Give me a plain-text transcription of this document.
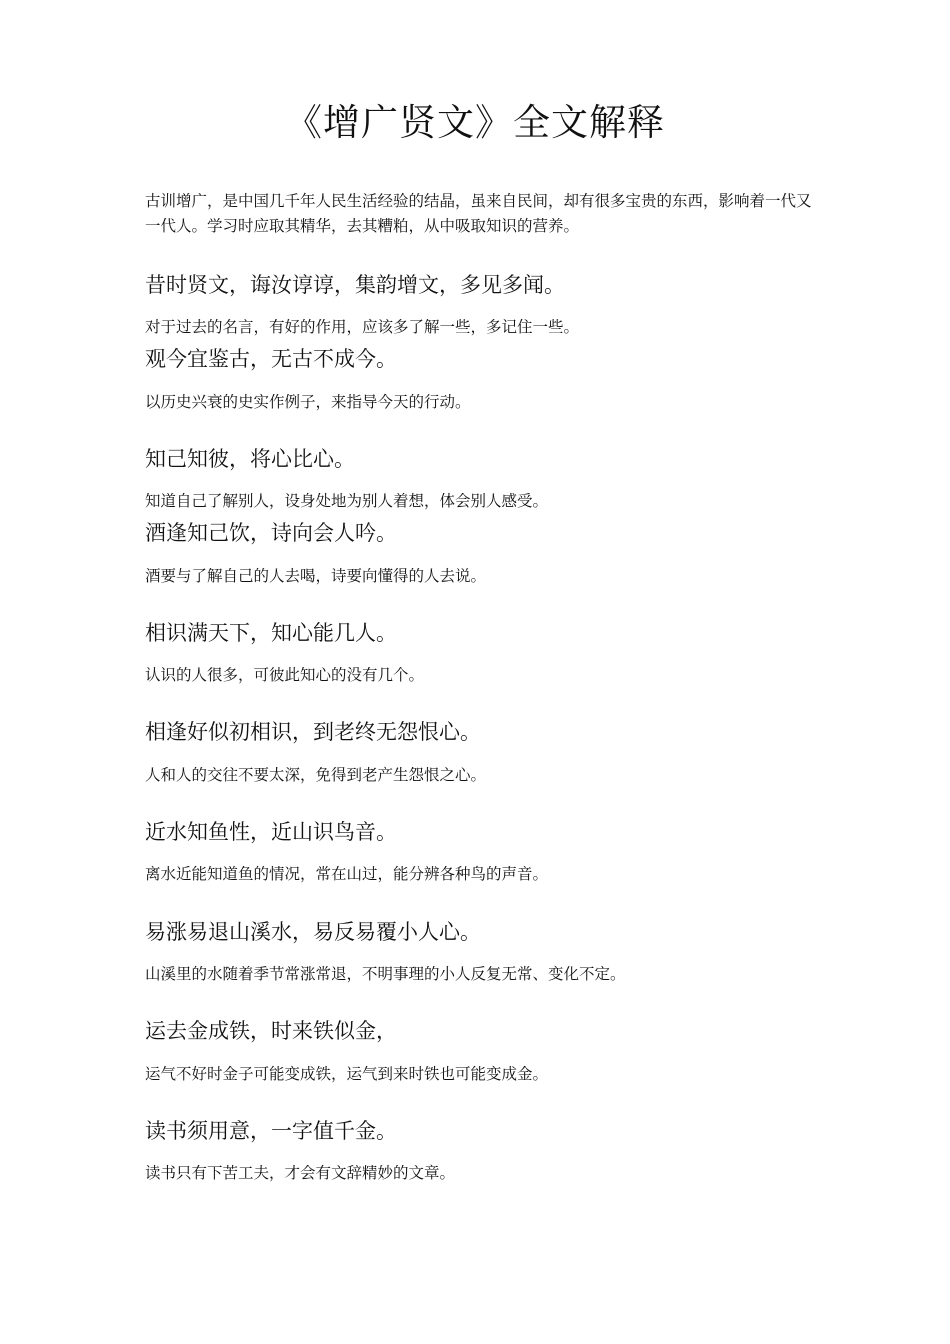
《增广贤文》全文解释

古训增广，是中国几千年人民生活经验的结晶，虽来自民间，却有很多宝贵的东西，影响着一代又一代人。学习时应取其精华，去其糟粕，从中吸取知识的营养。

昔时贤文，诲汝谆谆，集韵增文，多见多闻。

对于过去的名言，有好的作用，应该多了解一些，多记住一些。

观今宜鉴古，无古不成今。

以历史兴衰的史实作例子，来指导今天的行动。

知己知彼，将心比心。

知道自己了解别人，设身处地为别人着想，体会别人感受。

酒逢知己饮，诗向会人吟。

酒要与了解自己的人去喝，诗要向懂得的人去说。

相识满天下，知心能几人。

认识的人很多，可彼此知心的没有几个。

相逢好似初相识，到老终无怨恨心。

人和人的交往不要太深，免得到老产生怨恨之心。

近水知鱼性，近山识鸟音。

离水近能知道鱼的情况，常在山过，能分辨各种鸟的声音。

易涨易退山溪水，易反易覆小人心。

山溪里的水随着季节常涨常退，不明事理的小人反复无常、变化不定。

运去金成铁，时来铁似金，

运气不好时金子可能变成铁，运气到来时铁也可能变成金。

读书须用意，一字值千金。

读书只有下苦工夫，才会有文辞精妙的文章。
